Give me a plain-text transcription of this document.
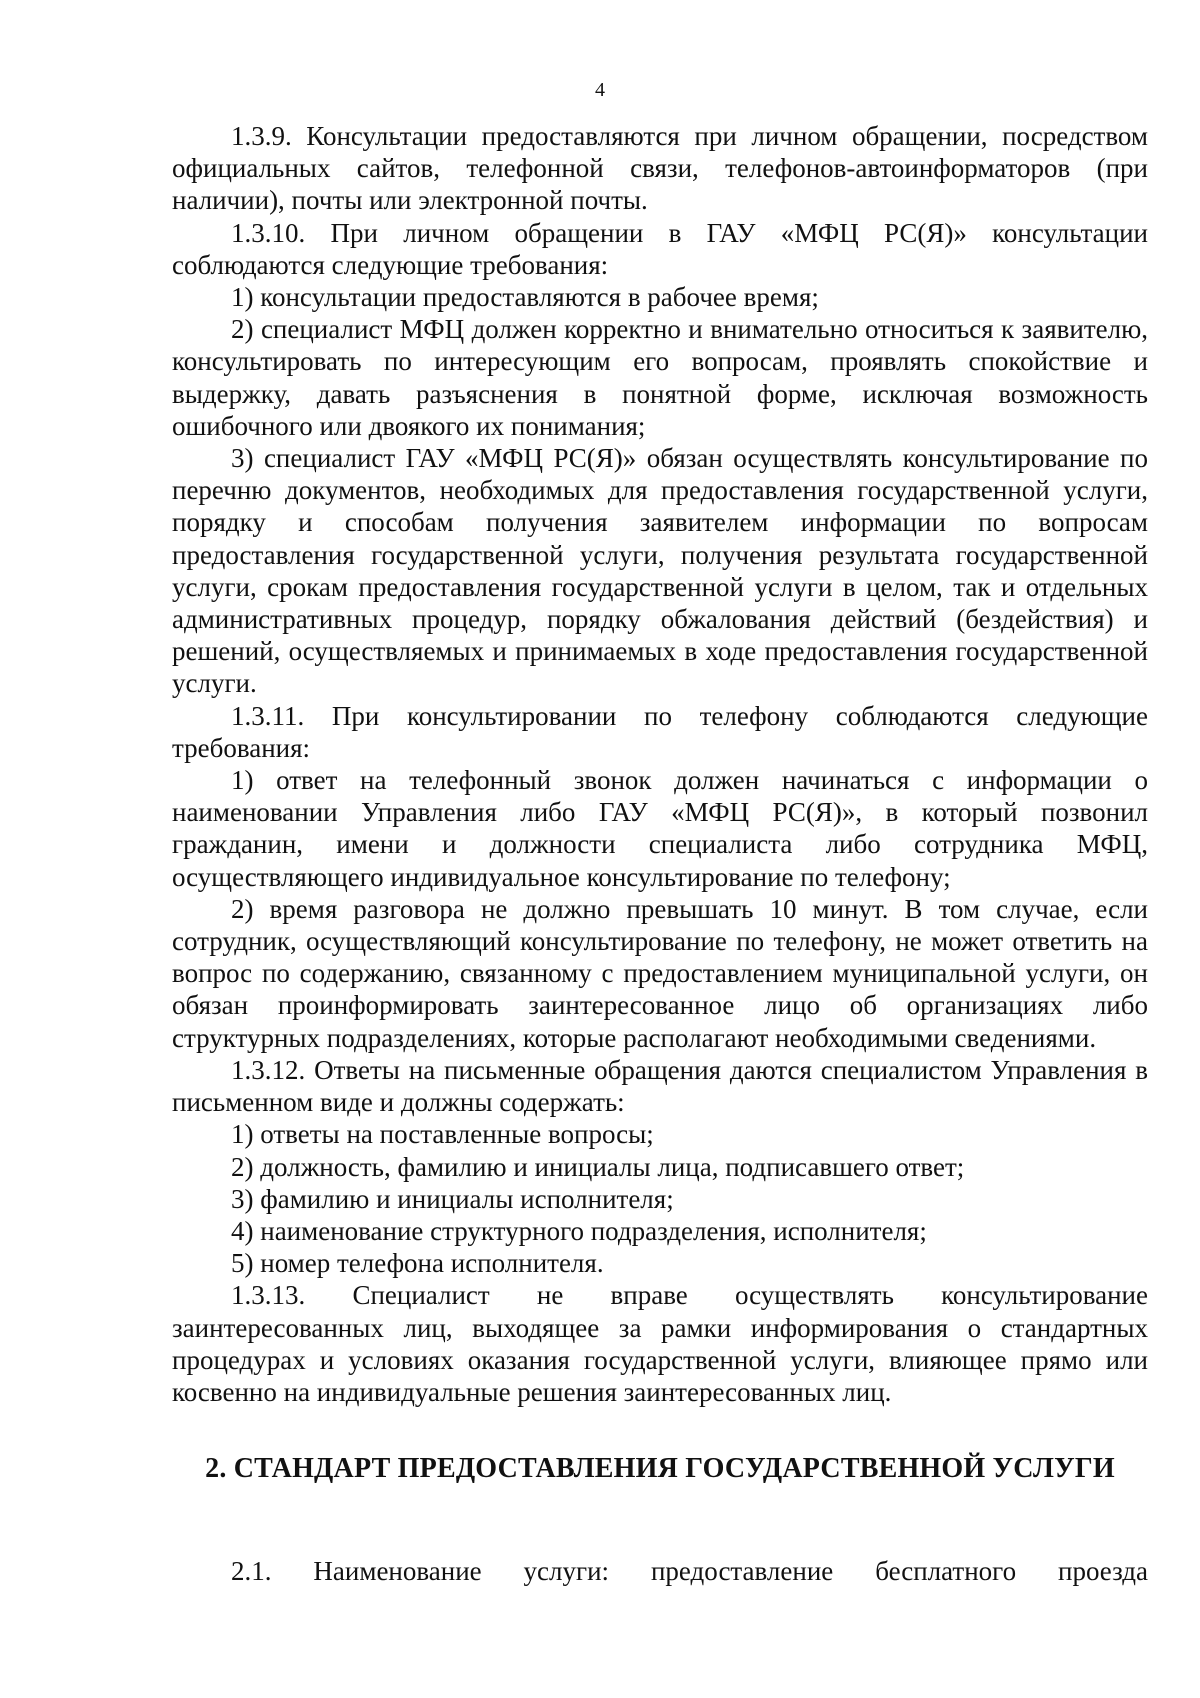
4

1.3.9. Консультации предоставляются при личном обращении, посредством официальных сайтов, телефонной связи, телефонов-автоинформаторов (при наличии), почты или электронной почты.

1.3.10. При личном обращении в ГАУ «МФЦ РС(Я)» консультации соблюдаются следующие требования:

1) консультации предоставляются в рабочее время;

2) специалист МФЦ должен корректно и внимательно относиться к заявителю, консультировать по интересующим его вопросам, проявлять спокойствие и выдержку, давать разъяснения в понятной форме, исключая возможность ошибочного или двоякого их понимания;

3) специалист ГАУ «МФЦ РС(Я)» обязан осуществлять консультирование по перечню документов, необходимых для предоставления государственной услуги, порядку и способам получения заявителем информации по вопросам предоставления государственной услуги, получения результата государственной услуги, срокам предоставления государственной услуги в целом, так и отдельных административных процедур, порядку обжалования действий (бездействия) и решений, осуществляемых и принимаемых в ходе предоставления государственной услуги.

1.3.11. При консультировании по телефону соблюдаются следующие требования:

1) ответ на телефонный звонок должен начинаться с информации о наименовании Управления либо ГАУ «МФЦ РС(Я)», в который позвонил гражданин, имени и должности специалиста либо сотрудника МФЦ, осуществляющего индивидуальное консультирование по телефону;

2) время разговора не должно превышать 10 минут. В том случае, если сотрудник, осуществляющий консультирование по телефону, не может ответить на вопрос по содержанию, связанному с предоставлением муниципальной услуги, он обязан проинформировать заинтересованное лицо об организациях либо структурных подразделениях, которые располагают необходимыми сведениями.

1.3.12. Ответы на письменные обращения даются специалистом Управления в письменном виде и должны содержать:

1) ответы на поставленные вопросы;

2) должность, фамилию и инициалы лица, подписавшего ответ;

3) фамилию и инициалы исполнителя;

4) наименование структурного подразделения, исполнителя;

5) номер телефона исполнителя.

1.3.13. Специалист не вправе осуществлять консультирование заинтересованных лиц, выходящее за рамки информирования о стандартных процедурах и условиях оказания государственной услуги, влияющее прямо или косвенно на индивидуальные решения заинтересованных лиц.

2. СТАНДАРТ ПРЕДОСТАВЛЕНИЯ ГОСУДАРСТВЕННОЙ УСЛУГИ

2.1. Наименование услуги: предоставление бесплатного проезда
